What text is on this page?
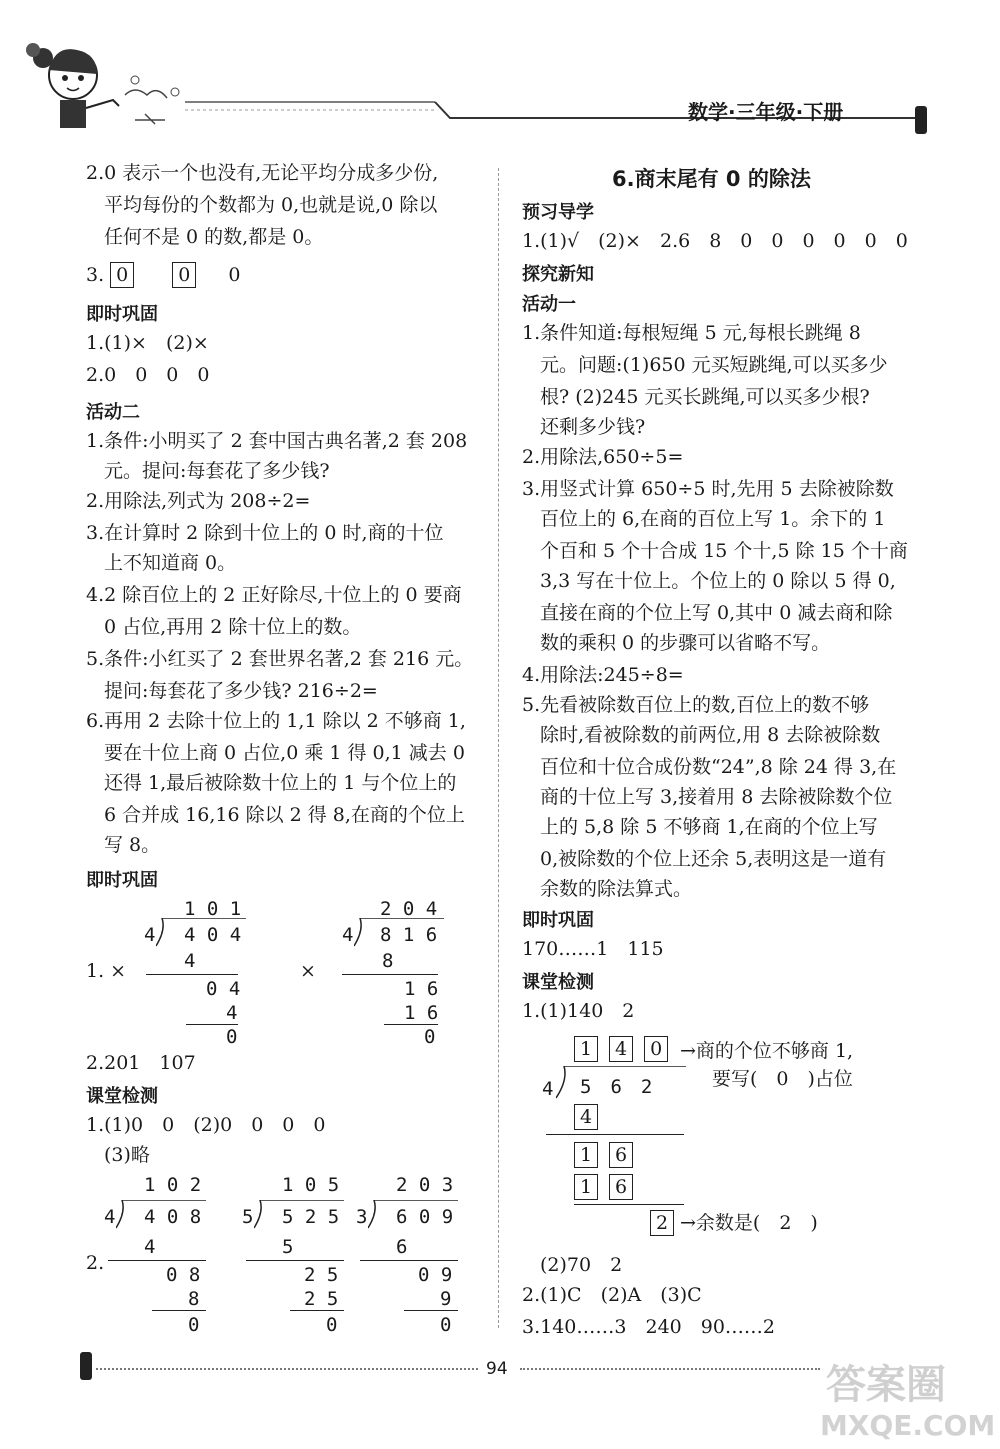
数学·三年级·下册
2.0 表示一个也没有,无论平均分成多少份,
平均每份的个数都为 0,也就是说,0 除以
任何不是 0 的数,都是 0。
3. 0	0 0
即时巩固
1.(1)×　(2)×
2.0　0　0　0
活动二
1.条件:小明买了 2 套中国古典名著,2 套 208
元。提问:每套花了多少钱?
2.用除法,列式为 208÷2=
3.在计算时 2 除到十位上的 0 时,商的十位
上不知道商 0。
4.2 除百位上的 2 正好除尽,十位上的 0 要商
0 占位,再用 2 除十位上的数。
5.条件:小红买了 2 套世界名著,2 套 216 元。
提问:每套花了多少钱? 216÷2=
6.再用 2 去除十位上的 1,1 除以 2 不够商 1,
要在十位上商 0 占位,0 乘 1 得 0,1 减去 0
还得 1,最后被除数十位上的 1 与个位上的
6 合并成 16,16 除以 2 得 8,在商的个位上
写 8。
即时巩固
1. ×
1 0 1
4 4 0 4
4
0 4
4
0
×
2 0 4
4 8 1 6
8
1 6
1 6
0
2.201　107
课堂检测
1.(1)0　0　(2)0　0　0　0
(3)略
2.
1 0 2
4 4 0 8
4
0 8
8
0
1 0 5
5 5 2 5
5
2 5
2 5
0
2 0 3
3 6 0 9
6
0 9
9
0
6.商末尾有 0 的除法
预习导学
1.(1)√　(2)×　2.6　8　0　0　0　0　0　0
探究新知
活动一
1.条件知道:每根短绳 5 元,每根长跳绳 8
元。问题:(1)650 元买短跳绳,可以买多少
根? (2)245 元买长跳绳,可以买多少根?
还剩多少钱?
2.用除法,650÷5=
3.用竖式计算 650÷5 时,先用 5 去除被除数
百位上的 6,在商的百位上写 1。余下的 1
个百和 5 个十合成 15 个十,5 除 15 个十商
3,3 写在十位上。个位上的 0 除以 5 得 0,
直接在商的个位上写 0,其中 0 减去商和除
数的乘积 0 的步骤可以省略不写。
4.用除法:245÷8=
5.先看被除数百位上的数,百位上的数不够
除时,看被除数的前两位,用 8 去除被除数
百位和十位合成份数“24”,8 除 24 得 3,在
商的十位上写 3,接着用 8 去除被除数个位
上的 5,8 除 5 不够商 1,在商的个位上写
0,被除数的个位上还余 5,表明这是一道有
余数的除法算式。
即时巩固
170……1　115
课堂检测
1.(1)140　2
1 4 0 →商的个位不够商 1,
要写(　0　)占位
4 5　6　2
4
1 6
1 6
2 →余数是(　2　)
(2)70　2
2.(1)C　(2)A　(3)C
3.140……3　240　90……2
94	答案圈
MXQE.COM
